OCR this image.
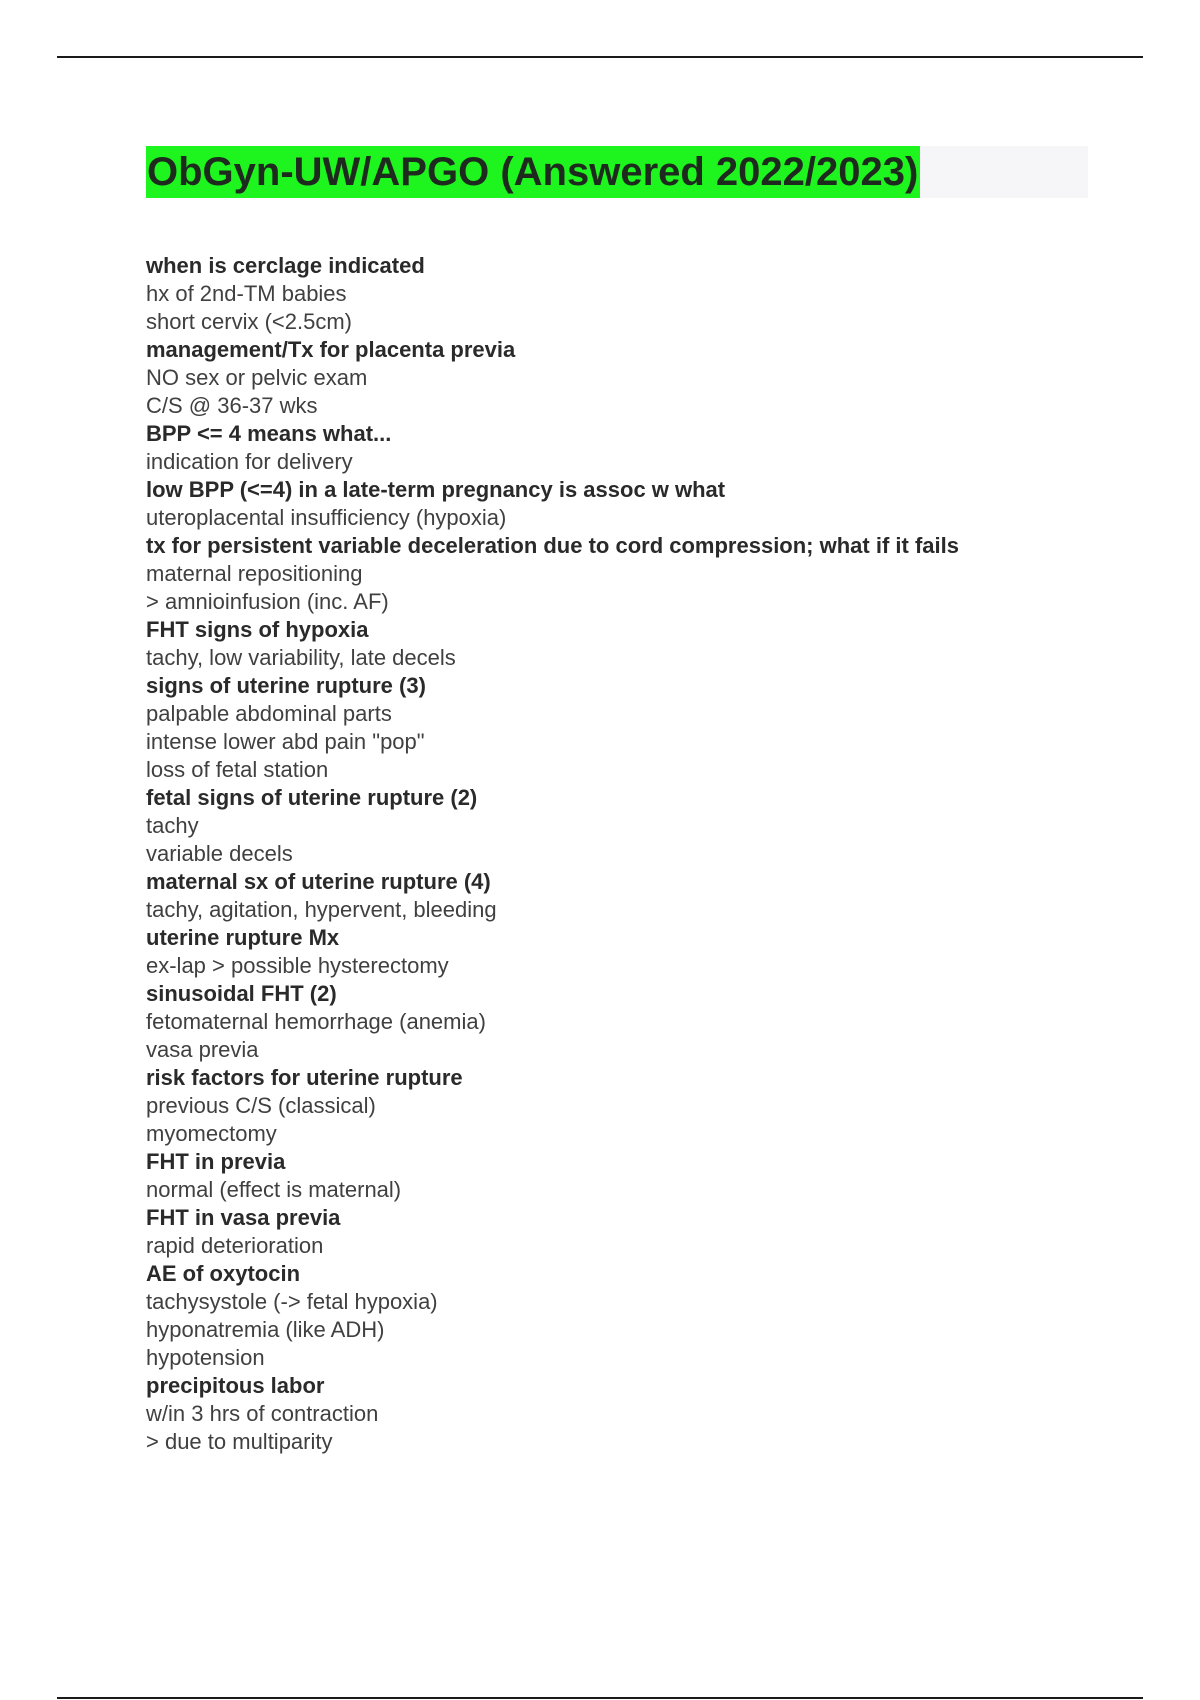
ObGyn-UW/APGO (Answered 2022/2023)
when is cerclage indicated
hx of 2nd-TM babies
short cervix (<2.5cm)
management/Tx for placenta previa
NO sex or pelvic exam
C/S @ 36-37 wks
BPP <= 4 means what...
indication for delivery
low BPP (<=4) in a late-term pregnancy is assoc w what
uteroplacental insufficiency (hypoxia)
tx for persistent variable deceleration due to cord compression; what if it fails
maternal repositioning
> amnioinfusion (inc. AF)
FHT signs of hypoxia
tachy, low variability, late decels
signs of uterine rupture (3)
palpable abdominal parts
intense lower abd pain "pop"
loss of fetal station
fetal signs of uterine rupture (2)
tachy
variable decels
maternal sx of uterine rupture (4)
tachy, agitation, hypervent, bleeding
uterine rupture Mx
ex-lap > possible hysterectomy
sinusoidal FHT (2)
fetomaternal hemorrhage (anemia)
vasa previa
risk factors for uterine rupture
previous C/S (classical)
myomectomy
FHT in previa
normal (effect is maternal)
FHT in vasa previa
rapid deterioration
AE of oxytocin
tachysystole (-> fetal hypoxia)
hyponatremia (like ADH)
hypotension
precipitous labor
w/in 3 hrs of contraction
> due to multiparity
